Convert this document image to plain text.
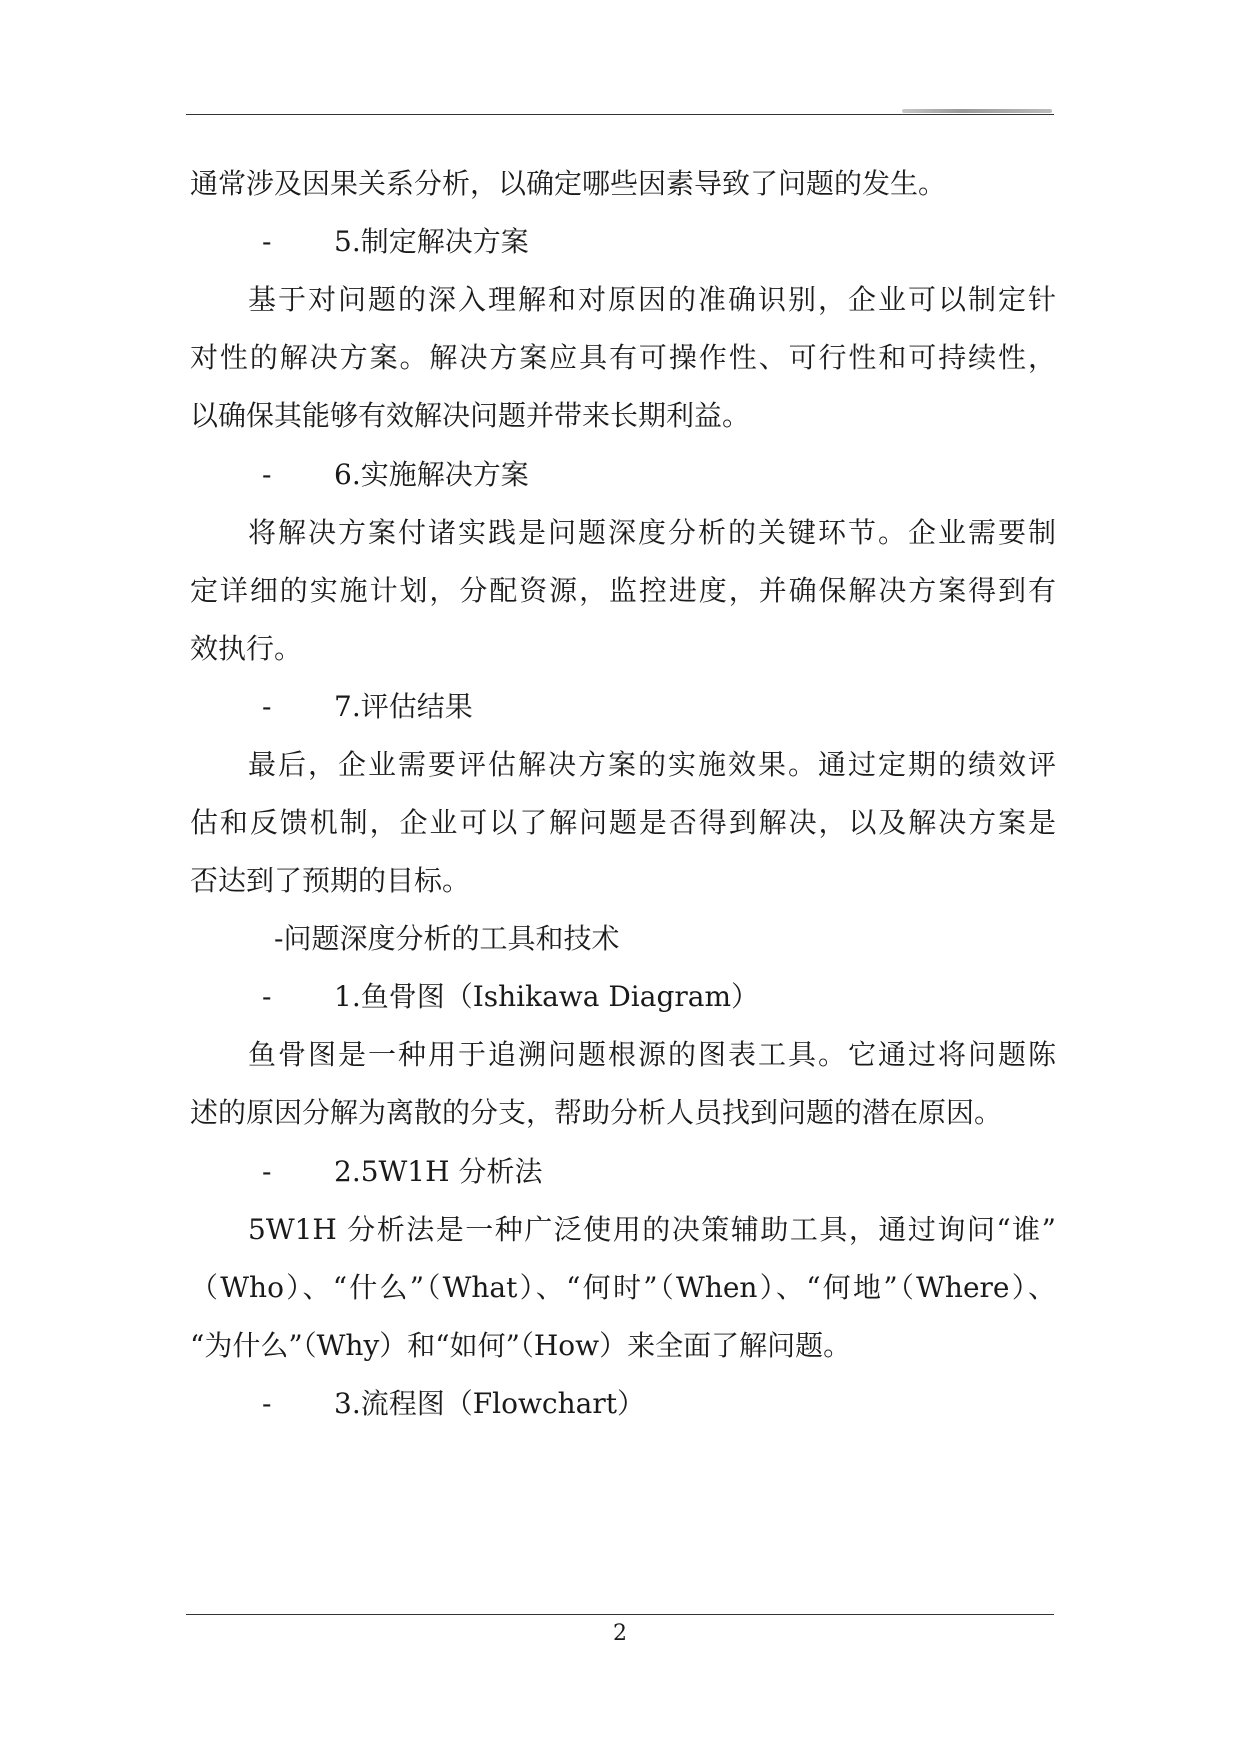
通常涉及因果关系分析，以确定哪些因素导致了问题的发生。
- 5.制定解决方案
基于对问题的深入理解和对原因的准确识别，企业可以制定针
对性的解决方案。解决方案应具有可操作性、可行性和可持续性，
以确保其能够有效解决问题并带来长期利益。
- 6.实施解决方案
将解决方案付诸实践是问题深度分析的关键环节。企业需要制
定详细的实施计划，分配资源，监控进度，并确保解决方案得到有
效执行。
- 7.评估结果
最后，企业需要评估解决方案的实施效果。通过定期的绩效评
估和反馈机制，企业可以了解问题是否得到解决，以及解决方案是
否达到了预期的目标。
-问题深度分析的工具和技术
- 1.鱼骨图（Ishikawa Diagram）
鱼骨图是一种用于追溯问题根源的图表工具。它通过将问题陈
述的原因分解为离散的分支，帮助分析人员找到问题的潜在原因。
- 2.5W1H 分析法
5W1H 分析法是一种广泛使用的决策辅助工具，通过询问“谁”
（Who）、“什么”（What）、“何时”（When）、“何地”（Where）、
“为什么”（Why）和“如何”（How）来全面了解问题。
- 3.流程图（Flowchart）
2
